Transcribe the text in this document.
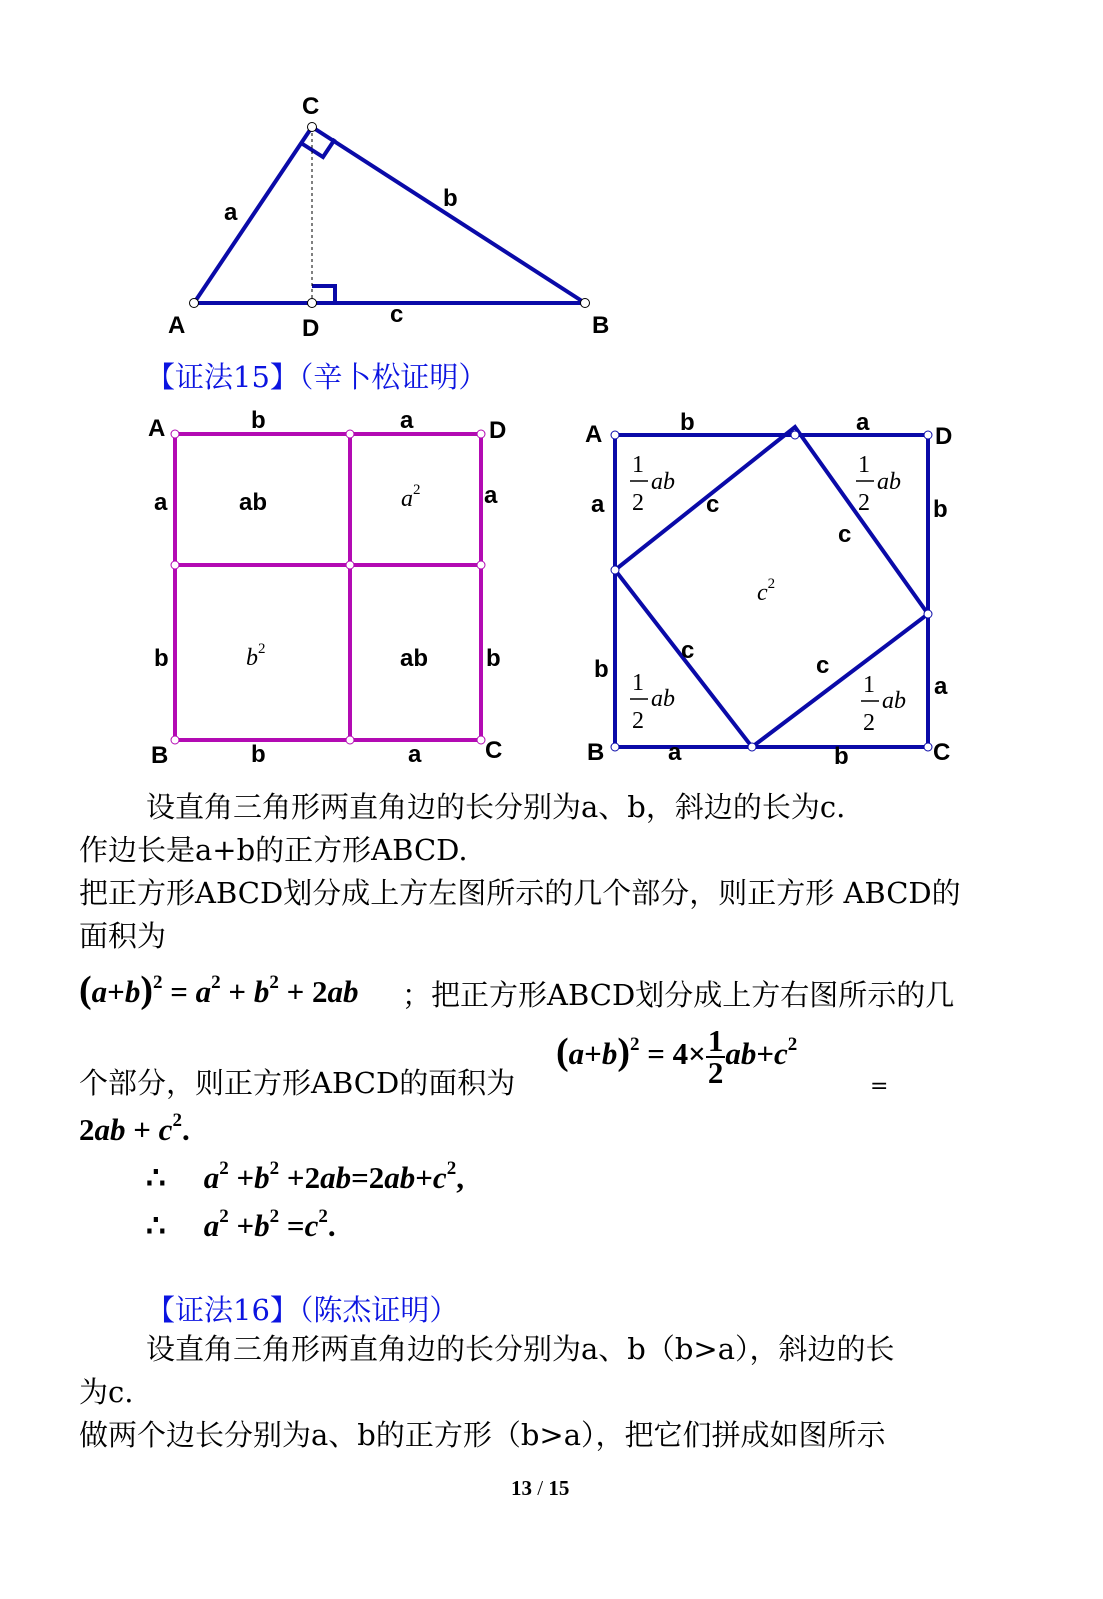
C
A	D	B
a
b
c
【证法15】（辛卜松证明）
A	D
B	C
b	a
b	a
a
b
a
b
ab
ab
$a^2$
$b^2$
A	D
B	C
b	a
a	b
a
b
b
a
c
c
c
c
$c^2$
1
2
ab
1
2
ab
1
2
ab
1
2
ab
设直角三角形两直角边的长分别为a、b，斜边的长为c.
作边长是a+b的正方形ABCD.
把正方形ABCD划分成上方左图所示的几个部分，则正方形 ABCD的
面积为
$(a+b)^2 = a^2 + b^2 + 2ab$ ；把正方形ABCD划分成上方右图所示的几
个部分，则正方形ABCD的面积为
$(a+b)^2 = 4\times \frac{1}{2} ab+c^2$
=
$2ab + c^2$.
∴ $a^2 +b^2 +2ab=2ab+c^2$,
∴ $a^2 +b^2 =c^2$.
【证法16】（陈杰证明）
设直角三角形两直角边的长分别为a、b（b>a），斜边的长
为c.
做两个边长分别为a、b的正方形（b>a），把它们拼成如图所示
13 / 15
